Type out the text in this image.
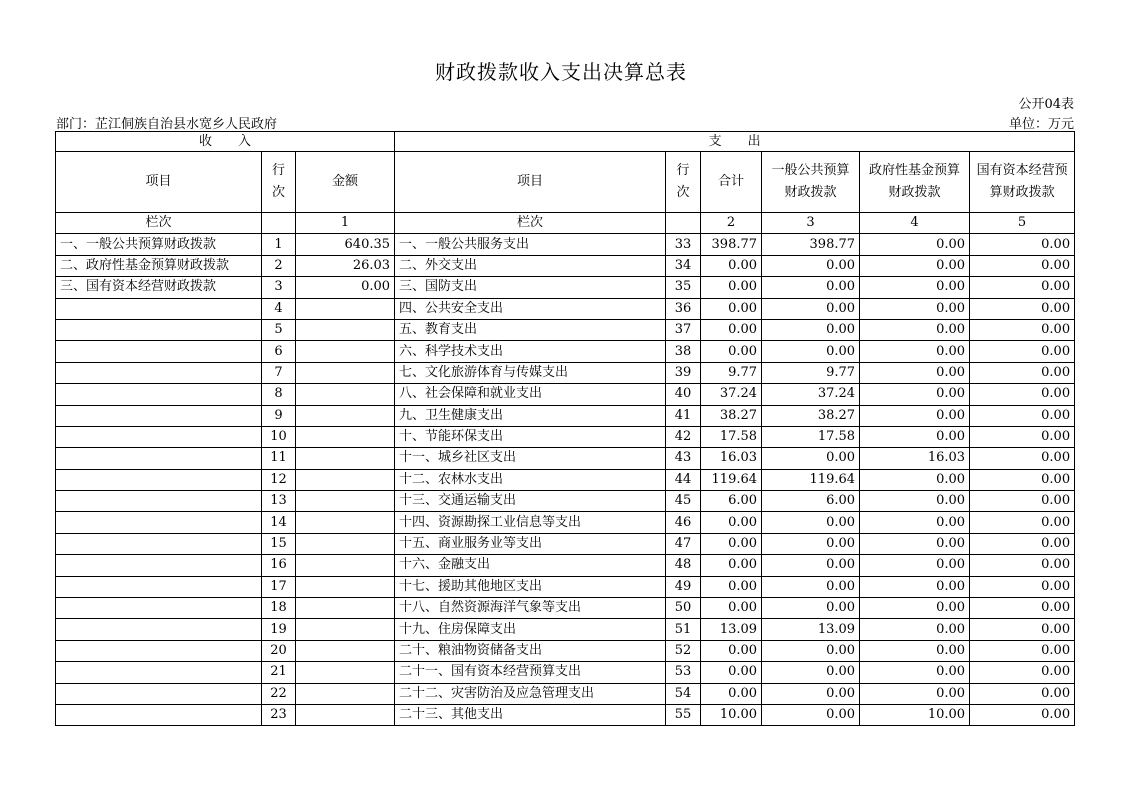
财政拨款收入支出决算总表
公开04表
部门：芷江侗族自治县水宽乡人民政府	单位：万元
收　　入			支　　出					
项目	行次	金额	项目	行次	合计	一般公共预算财政拨款	政府性基金预算财政拨款	国有资本经营预算财政拨款
栏次		1	栏次		2	3	4	5
一、一般公共预算财政拨款	1	640.35	一、一般公共服务支出	33	398.77	398.77	0.00	0.00
二、政府性基金预算财政拨款	2	26.03	二、外交支出	34	0.00	0.00	0.00	0.00
三、国有资本经营财政拨款	3	0.00	三、国防支出	35	0.00	0.00	0.00	0.00
	4		四、公共安全支出	36	0.00	0.00	0.00	0.00
	5		五、教育支出	37	0.00	0.00	0.00	0.00
	6		六、科学技术支出	38	0.00	0.00	0.00	0.00
	7		七、文化旅游体育与传媒支出	39	9.77	9.77	0.00	0.00
	8		八、社会保障和就业支出	40	37.24	37.24	0.00	0.00
	9		九、卫生健康支出	41	38.27	38.27	0.00	0.00
	10		十、节能环保支出	42	17.58	17.58	0.00	0.00
	11		十一、城乡社区支出	43	16.03	0.00	16.03	0.00
	12		十二、农林水支出	44	119.64	119.64	0.00	0.00
	13		十三、交通运输支出	45	6.00	6.00	0.00	0.00
	14		十四、资源勘探工业信息等支出	46	0.00	0.00	0.00	0.00
	15		十五、商业服务业等支出	47	0.00	0.00	0.00	0.00
	16		十六、金融支出	48	0.00	0.00	0.00	0.00
	17		十七、援助其他地区支出	49	0.00	0.00	0.00	0.00
	18		十八、自然资源海洋气象等支出	50	0.00	0.00	0.00	0.00
	19		十九、住房保障支出	51	13.09	13.09	0.00	0.00
	20		二十、粮油物资储备支出	52	0.00	0.00	0.00	0.00
	21		二十一、国有资本经营预算支出	53	0.00	0.00	0.00	0.00
	22		二十二、灾害防治及应急管理支出	54	0.00	0.00	0.00	0.00
	23		二十三、其他支出	55	10.00	0.00	10.00	0.00
